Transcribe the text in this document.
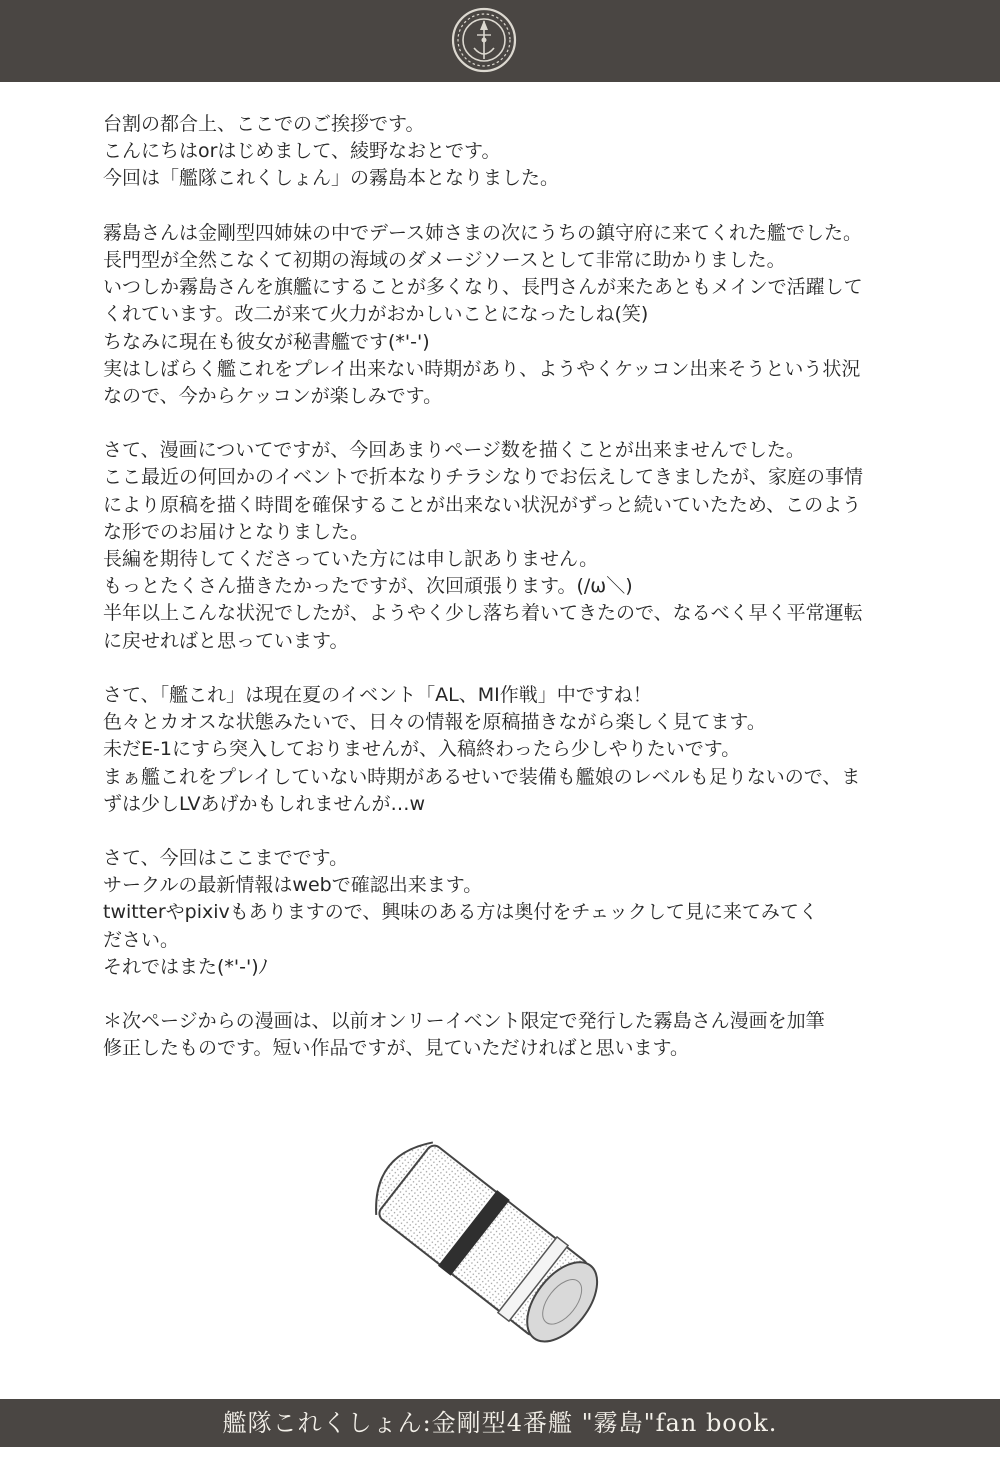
台割の都合上、ここでのご挨拶です。
こんにちはorはじめまして、綾野なおとです。
今回は「艦隊これくしょん」の霧島本となりました。
霧島さんは金剛型四姉妹の中でデース姉さまの次にうちの鎮守府に来てくれた艦でした。
長門型が全然こなくて初期の海域のダメージソースとして非常に助かりました。
いつしか霧島さんを旗艦にすることが多くなり、長門さんが来たあともメインで活躍して
くれています。改二が来て火力がおかしいことになったしね(笑)
ちなみに現在も彼女が秘書艦です(*'-')
実はしばらく艦これをプレイ出来ない時期があり、ようやくケッコン出来そうという状況
なので、今からケッコンが楽しみです。
さて、漫画についてですが、今回あまりページ数を描くことが出来ませんでした。
ここ最近の何回かのイベントで折本なりチラシなりでお伝えしてきましたが、家庭の事情
により原稿を描く時間を確保することが出来ない状況がずっと続いていたため、このよう
な形でのお届けとなりました。
長編を期待してくださっていた方には申し訳ありません。
もっとたくさん描きたかったですが、次回頑張ります。(/ω＼)
半年以上こんな状況でしたが、ようやく少し落ち着いてきたので、なるべく早く平常運転
に戻せればと思っています。
さて、「艦これ」は現在夏のイベント「AL、MI作戦」中ですね！
色々とカオスな状態みたいで、日々の情報を原稿描きながら楽しく見てます。
未だE-1にすら突入しておりませんが、入稿終わったら少しやりたいです。
まぁ艦これをプレイしていない時期があるせいで装備も艦娘のレベルも足りないので、ま
ずは少しLVあげかもしれませんが…w
さて、今回はここまでです。
サークルの最新情報はwebで確認出来ます。
twitterやpixivもありますので、興味のある方は奥付をチェックして見に来てみてく
ださい。
それではまた(*'-')ﾉ
＊次ページからの漫画は、以前オンリーイベント限定で発行した霧島さん漫画を加筆
修正したものです。短い作品ですが、見ていただければと思います。
艦隊これくしょん:金剛型4番艦 "霧島"fan book.
